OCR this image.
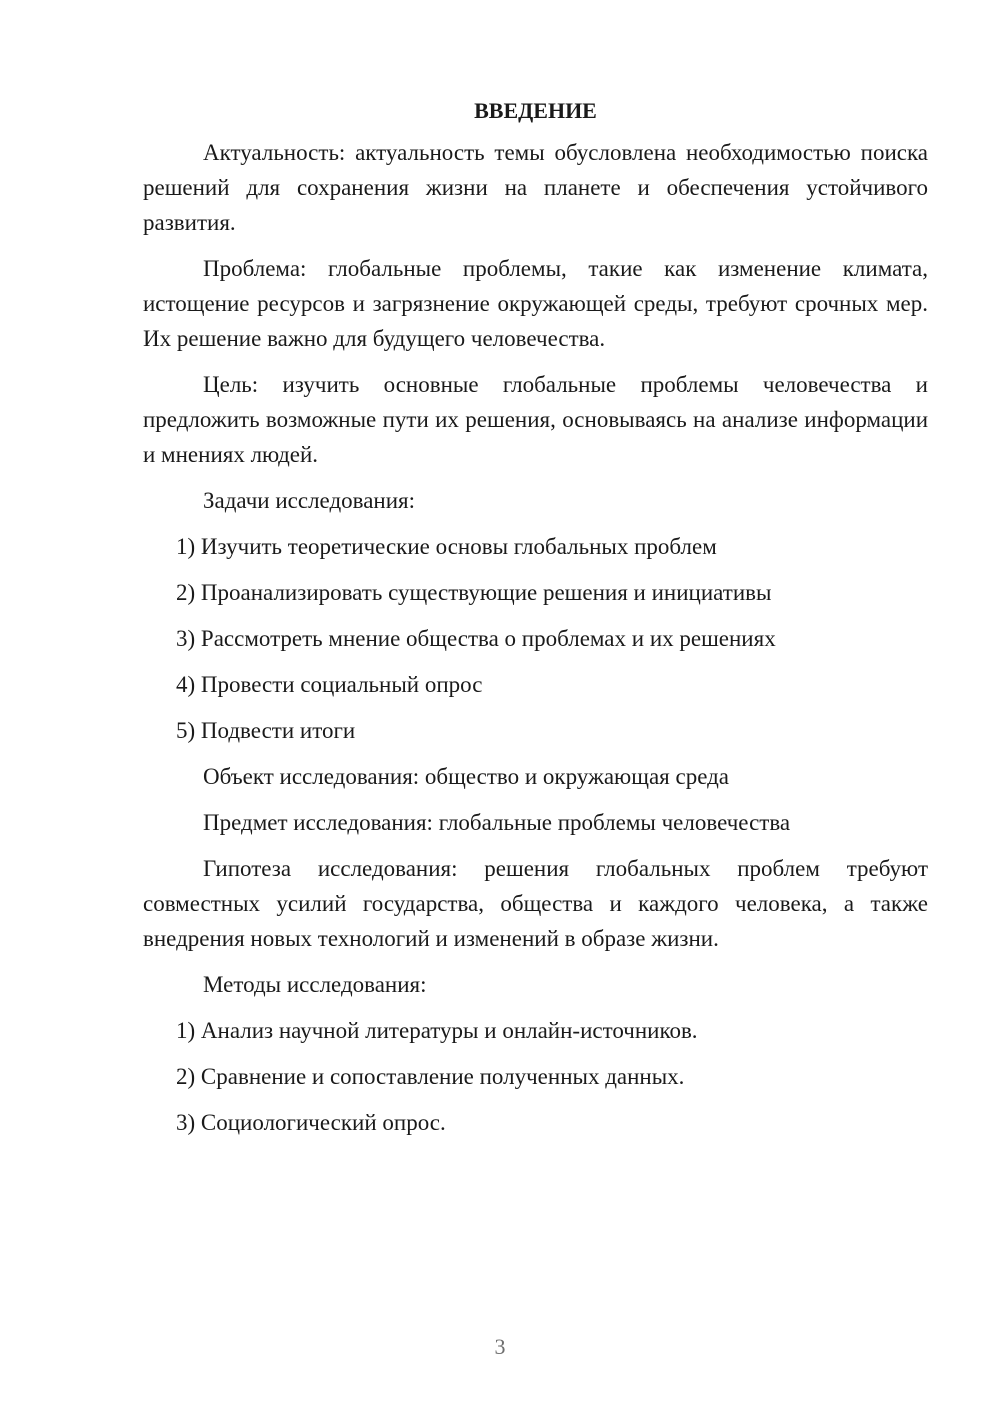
ВВЕДЕНИЕ

Актуальность: актуальность темы обусловлена необходимостью поиска решений для сохранения жизни на планете и обеспечения устойчивого развития.

Проблема: глобальные проблемы, такие как изменение климата, истощение ресурсов и загрязнение окружающей среды, требуют срочных мер. Их решение важно для будущего человечества.

Цель: изучить основные глобальные проблемы человечества и предложить возможные пути их решения, основываясь на анализе информации и мнениях людей.

Задачи исследования:

1) Изучить теоретические основы глобальных проблем

2) Проанализировать существующие решения и инициативы

3) Рассмотреть мнение общества о проблемах и их решениях

4) Провести социальный опрос

5) Подвести итоги

Объект исследования: общество и окружающая среда

Предмет исследования: глобальные проблемы человечества

Гипотеза исследования: решения глобальных проблем требуют совместных усилий государства, общества и каждого человека, а также внедрения новых технологий и изменений в образе жизни.

Методы исследования:

1) Анализ научной литературы и онлайн-источников.

2) Сравнение и сопоставление полученных данных.

3) Социологический опрос.

3
